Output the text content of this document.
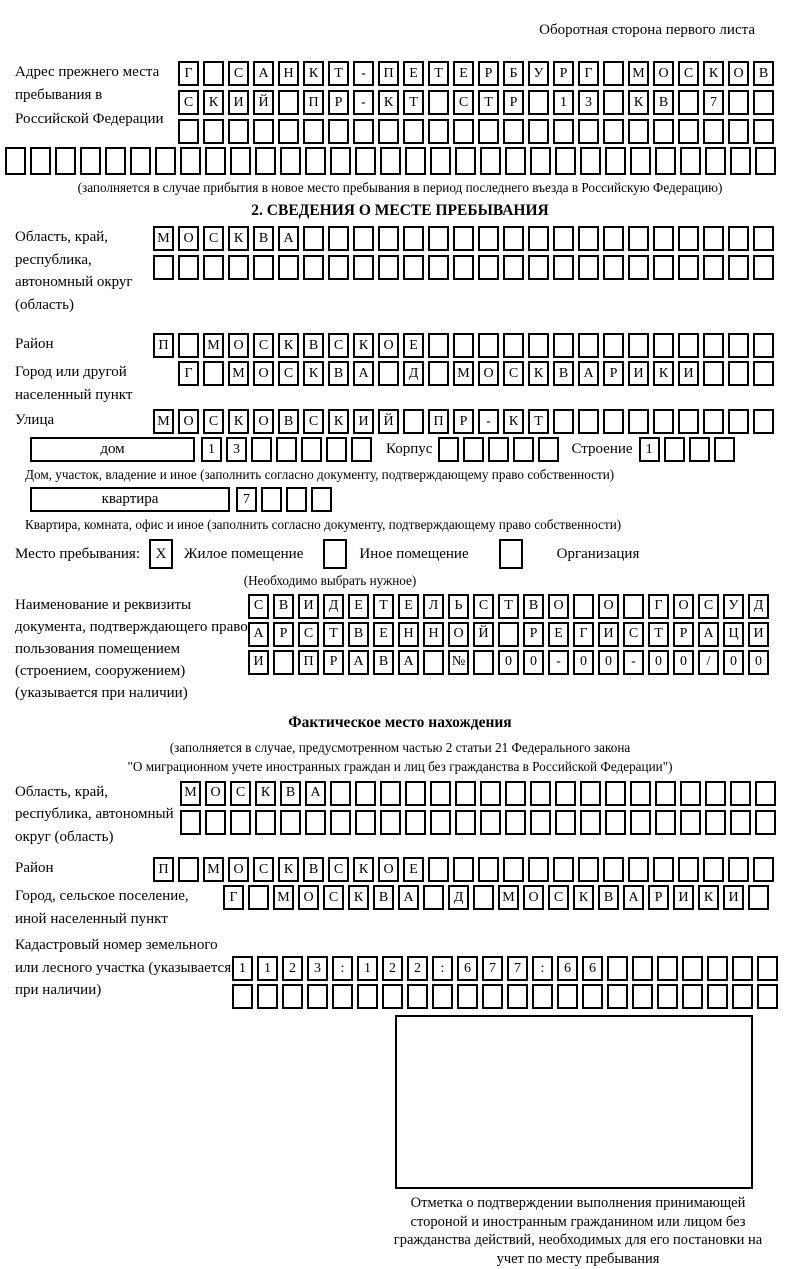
Оборотная сторона первого листа
Адрес прежнего места пребывания в Российской Федерации
Г	С	А	Н	К	Т	-	П	Е	Т	Е	Р	Б	У	Р	Г	М О	С	К	О	В
С	К	И	Й	П	Р	-	К	Т	С	Т	Р	1	3	К	В	7
(заполняется в случае прибытия в новое место пребывания в период последнего въезда в Российскую Федерацию)
2. СВЕДЕНИЯ О МЕСТЕ ПРЕБЫВАНИЯ
Область, край, республика, автономный округ (область)
М О	С	К	В	А
Район	П	М О	С	К	В	С	К	О	Е
Город или другой населенный пункт
Г	М О	С	К	В	А	Д	М О	С	К	В	А	Р	И	К	И
Улица	М О	С	К	О	В	С	К	И	Й	П	Р	-	К	Т
дом	1	3	Корпус	Строение 1
Дом, участок, владение и иное (заполнить согласно документу, подтверждающему право собственности)
квартира	7
Квартира, комната, офис и иное (заполнить согласно документу, подтверждающему право собственности)
Место пребывания:	X	Жилое помещение	Иное помещение	Организация
(Необходимо выбрать нужное)
Наименование и реквизиты документа, подтверждающего право пользования помещением (строением, сооружением) (указывается при наличии)
С	В	И	Д	Е	Т	Е	Л	Ь	С	Т	В	О	О	Г	О	С	У	Д
А	Р	С	Т	В	Е	Н	Н	О	Й	Р	Е	Г	И	С	Т	Р	А	Ц	И
И	П	Р	А	В	А	№	0	0	-	0	0	-	0	0	/	0	0
Фактическое место нахождения
(заполняется в случае, предусмотренном частью 2 статьи 21 Федерального закона
"О миграционном учете иностранных граждан и лиц без гражданства в Российской Федерации")
Область, край, республика, автономный округ (область)
М О	С	К	В	А
Район	П	М О	С	К	В	С	К	О	Е
Город, сельское поселение, иной населенный пункт
Г	М О	С	К	В	А	Д	М О	С	К	В	А	Р	И	К	И
Кадастровый номер земельного или лесного участка (указывается при наличии)
1	1	2	3	:	1	2	2	:	6	7	7	:	6	6
Отметка о подтверждении выполнения принимающей стороной и иностранным гражданином или лицом без гражданства действий, необходимых для его постановки на учет по месту пребывания
